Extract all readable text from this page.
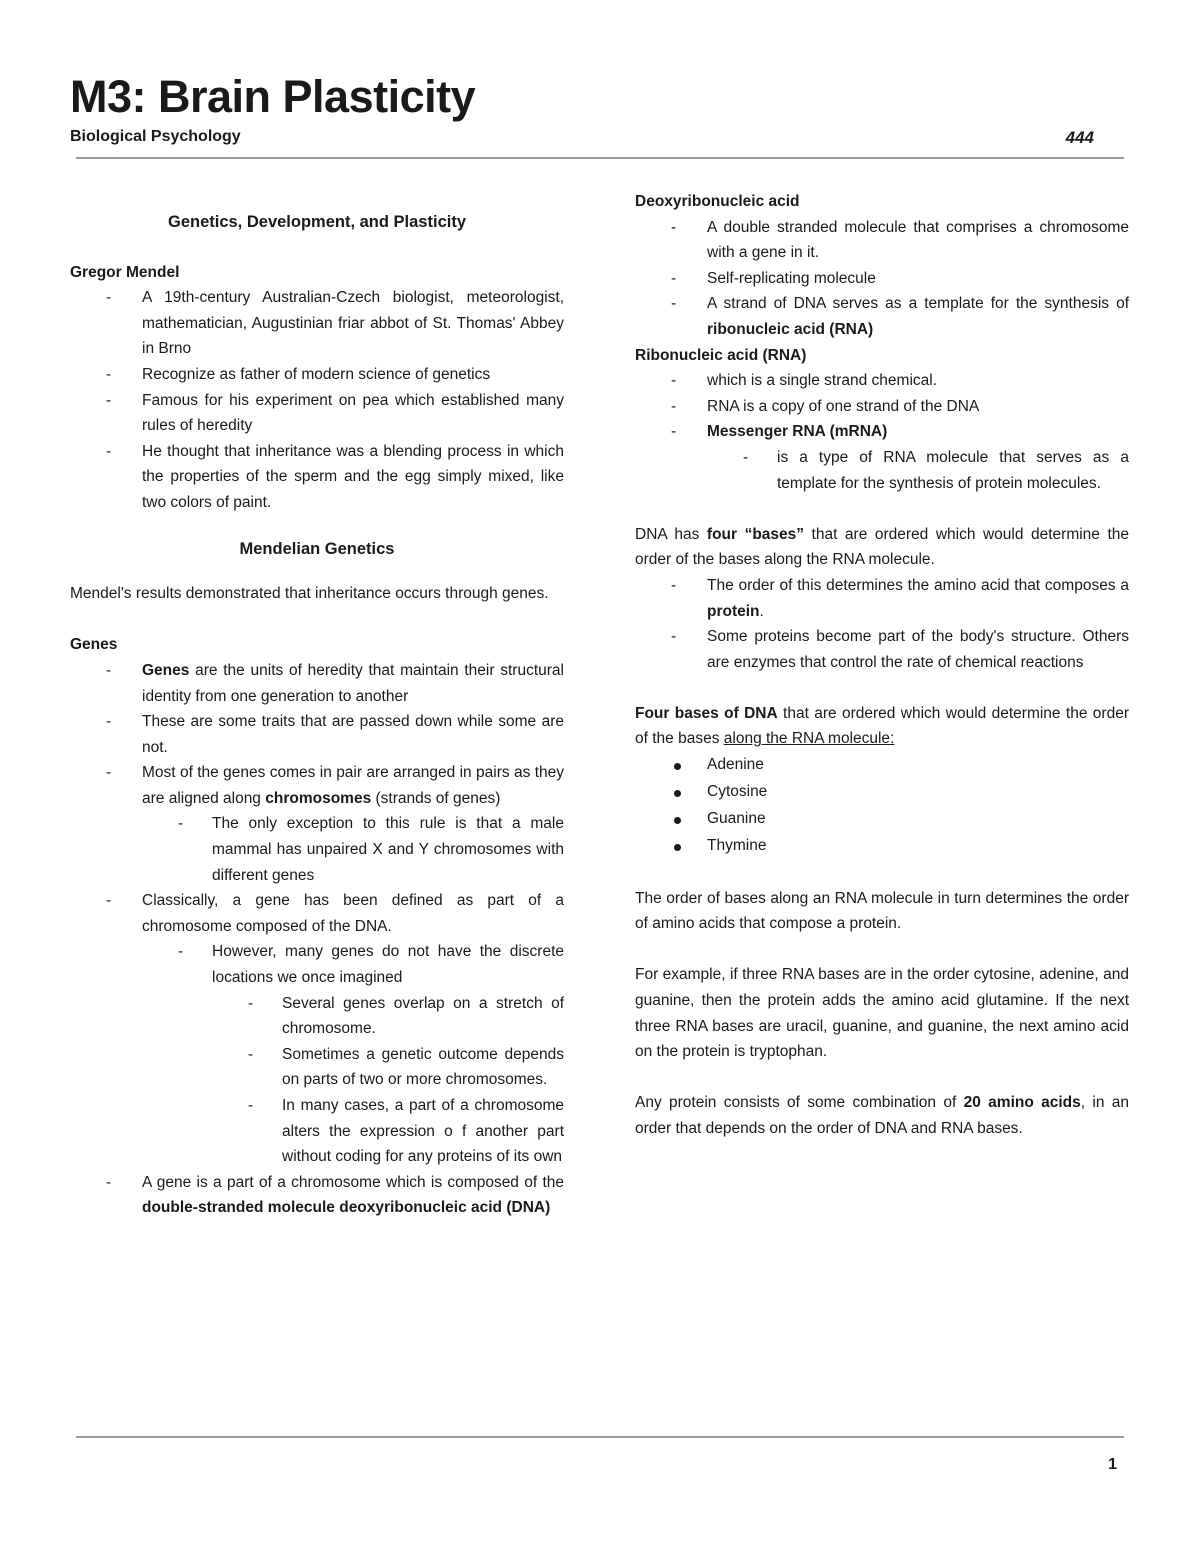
M3: Brain Plasticity
Biological Psychology	444

Genetics, Development, and Plasticity

Gregor Mendel

- A 19th-century Australian-Czech biologist, meteorologist, mathematician, Augustinian friar abbot of St. Thomas' Abbey in Brno
- Recognize as father of modern science of genetics
- Famous for his experiment on pea which established many rules of heredity
- He thought that inheritance was a blending process in which the properties of the sperm and the egg simply mixed, like two colors of paint.

Mendelian Genetics

Mendel's results demonstrated that inheritance occurs through genes.

Genes

- Genes are the units of heredity that maintain their structural identity from one generation to another
- These are some traits that are passed down while some are not.
- Most of the genes comes in pair are arranged in pairs as they are aligned along chromosomes (strands of genes)
- The only exception to this rule is that a male mammal has unpaired X and Y chromosomes with different genes
- Classically, a gene has been defined as part of a chromosome composed of the DNA.
- However, many genes do not have the discrete locations we once imagined
- Several genes overlap on a stretch of chromosome.
- Sometimes a genetic outcome depends on parts of two or more chromosomes.
- In many cases, a part of a chromosome alters the expression o f another part without coding for any proteins of its own
- A gene is a part of a chromosome which is composed of the double-stranded molecule deoxyribonucleic acid (DNA)

Deoxyribonucleic acid

- A double stranded molecule that comprises a chromosome with a gene in it.
- Self-replicating molecule
- A strand of DNA serves as a template for the synthesis of ribonucleic acid (RNA)

Ribonucleic acid (RNA)

- which is a single strand chemical.
- RNA is a copy of one strand of the DNA
- Messenger RNA (mRNA)
- is a type of RNA molecule that serves as a template for the synthesis of protein molecules.

DNA has four “bases” that are ordered which would determine the order of the bases along the RNA molecule.

- The order of this determines the amino acid that composes a protein.
- Some proteins become part of the body's structure. Others are enzymes that control the rate of chemical reactions

Four bases of DNA that are ordered which would determine the order of the bases along the RNA molecule:

Adenine
Cytosine
Guanine
Thymine

The order of bases along an RNA molecule in turn determines the order of amino acids that compose a protein.

For example, if three RNA bases are in the order cytosine, adenine, and guanine, then the protein adds the amino acid glutamine. If the next three RNA bases are uracil, guanine, and guanine, the next amino acid on the protein is tryptophan.

Any protein consists of some combination of 20 amino acids, in an order that depends on the order of DNA and RNA bases.

1
